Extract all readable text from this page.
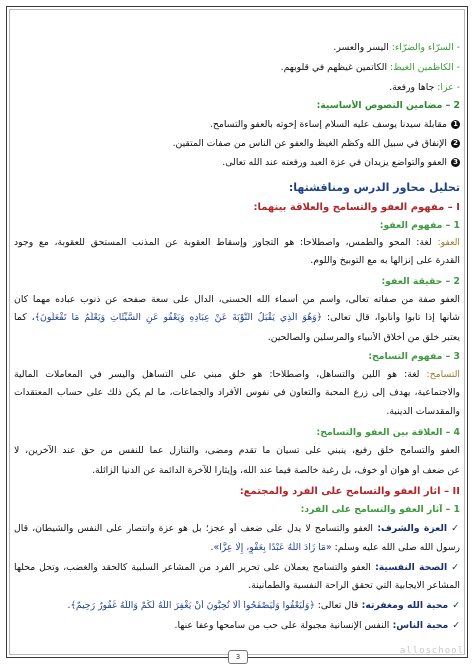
- السرّاء والضرّاء: اليسر والعسر.
- الكاظمين الغيظ: الكاتمين غيظهم في قلوبهم.
- عزا: جاها ورفعة.
2 – مضامين النصوص الأساسية:
1مقابلة سيدنا يوسف عليه السلام إساءة إخوته بالعفو والتسامح.
2الإنفاق في سبيل الله وكظم الغيظ والعفو عن الناس من صفات المتقين.
3العفو والتواضع يزيدان في عزة العبد ورفعته عند الله تعالى.
تحليل محاور الدرس ومناقشتها:
I – مفهوم العفو والتسامح والعلاقة بينهما:
1 – مفهوم العفو:
العفو: لغة: المحو والطمس، واصطلاحا: هو التجاوز وإسقاط العقوبة عن المذنب المستحق للعقوبة، مع وجود
القدرة على إنزالها به مع التوبيخ واللوم.
2 – حقيقة العفو:
العفو صفة من صفاته تعالى، واسم من أسماء الله الحسنى، الدال على سعة صفحه عن ذنوب عباده مهما كان
شأنها إذا تابوا وأنابوا، قال تعالى: ﴿وَهُوَ الَّذِي يَقْبَلُ التَّوْبَةَ عَنْ عِبَادِهِ وَيَعْفُو عَنِ السَّيِّئَاتِ وَيَعْلَمُ مَا تَفْعَلُونَ﴾، كما
يعتبر خلق من أخلاق الأنبياء والمرسلين والصالحين.
3 – مفهوم التسامح:
التسامح: لغة: هو اللين والتساهل، واصطلاحا: هو خلق مبني على التساهل واليسر في المعاملات المالية
والاجتماعية، يهدف إلى زرع المحبة والتعاون في نفوس الأفراد والجماعات، ما لم يكن ذلك على حساب المعتقدات
والمقدسات الدينية.
4 – العلاقة بين العفو والتسامح:
العفو والتسامح خلق رفيع، ينبني على تسيان ما تقدم ومضى، والتنازل عما للنفس من حق عند الآخرين، لا
عن ضعف أو هوان أو خوف، بل رغبة خالصة فيما عند الله، وإيثارا للآخرة الدائمة عن الدنيا الزائلة.
II – آثار العفو والتسامح على الفرد والمجتمع:
1 – آثار العفو والتسامح على الفرد:
✓العزة والشرف: العفو والتسامح لا يدل على ضعف أو عجز؛ بل هو عزة وانتصار على النفس والشيطان، قال
رسول الله صلى الله عليه وسلم: «مَا زَادَ اللَّهُ عَبْدًا بِعَفْوٍ، إِلَّا عِزًّا».
✓الصحة النفسية: العفو والتسامح يعملان على تحرير الفرد من المشاعر السلبية كالحقد والغضب، وتحل محلها
المشاعر الايجابية التي تحقق الراحة النفسية والطمأنينة.
✓محبة الله ومغفرته: قال تعالى: ﴿وَلْيَعْفُوا وَلْيَصْفَحُوا أَلَا تُحِبُّونَ أَنْ يَغْفِرَ اللَّهُ لَكُمْ وَاللَّهُ غَفُورٌ رَحِيمٌ﴾.
✓محبة الناس: النفس الإنسانية مجبولة على حب من سامحها وعفا عنها.
3
alloschool
